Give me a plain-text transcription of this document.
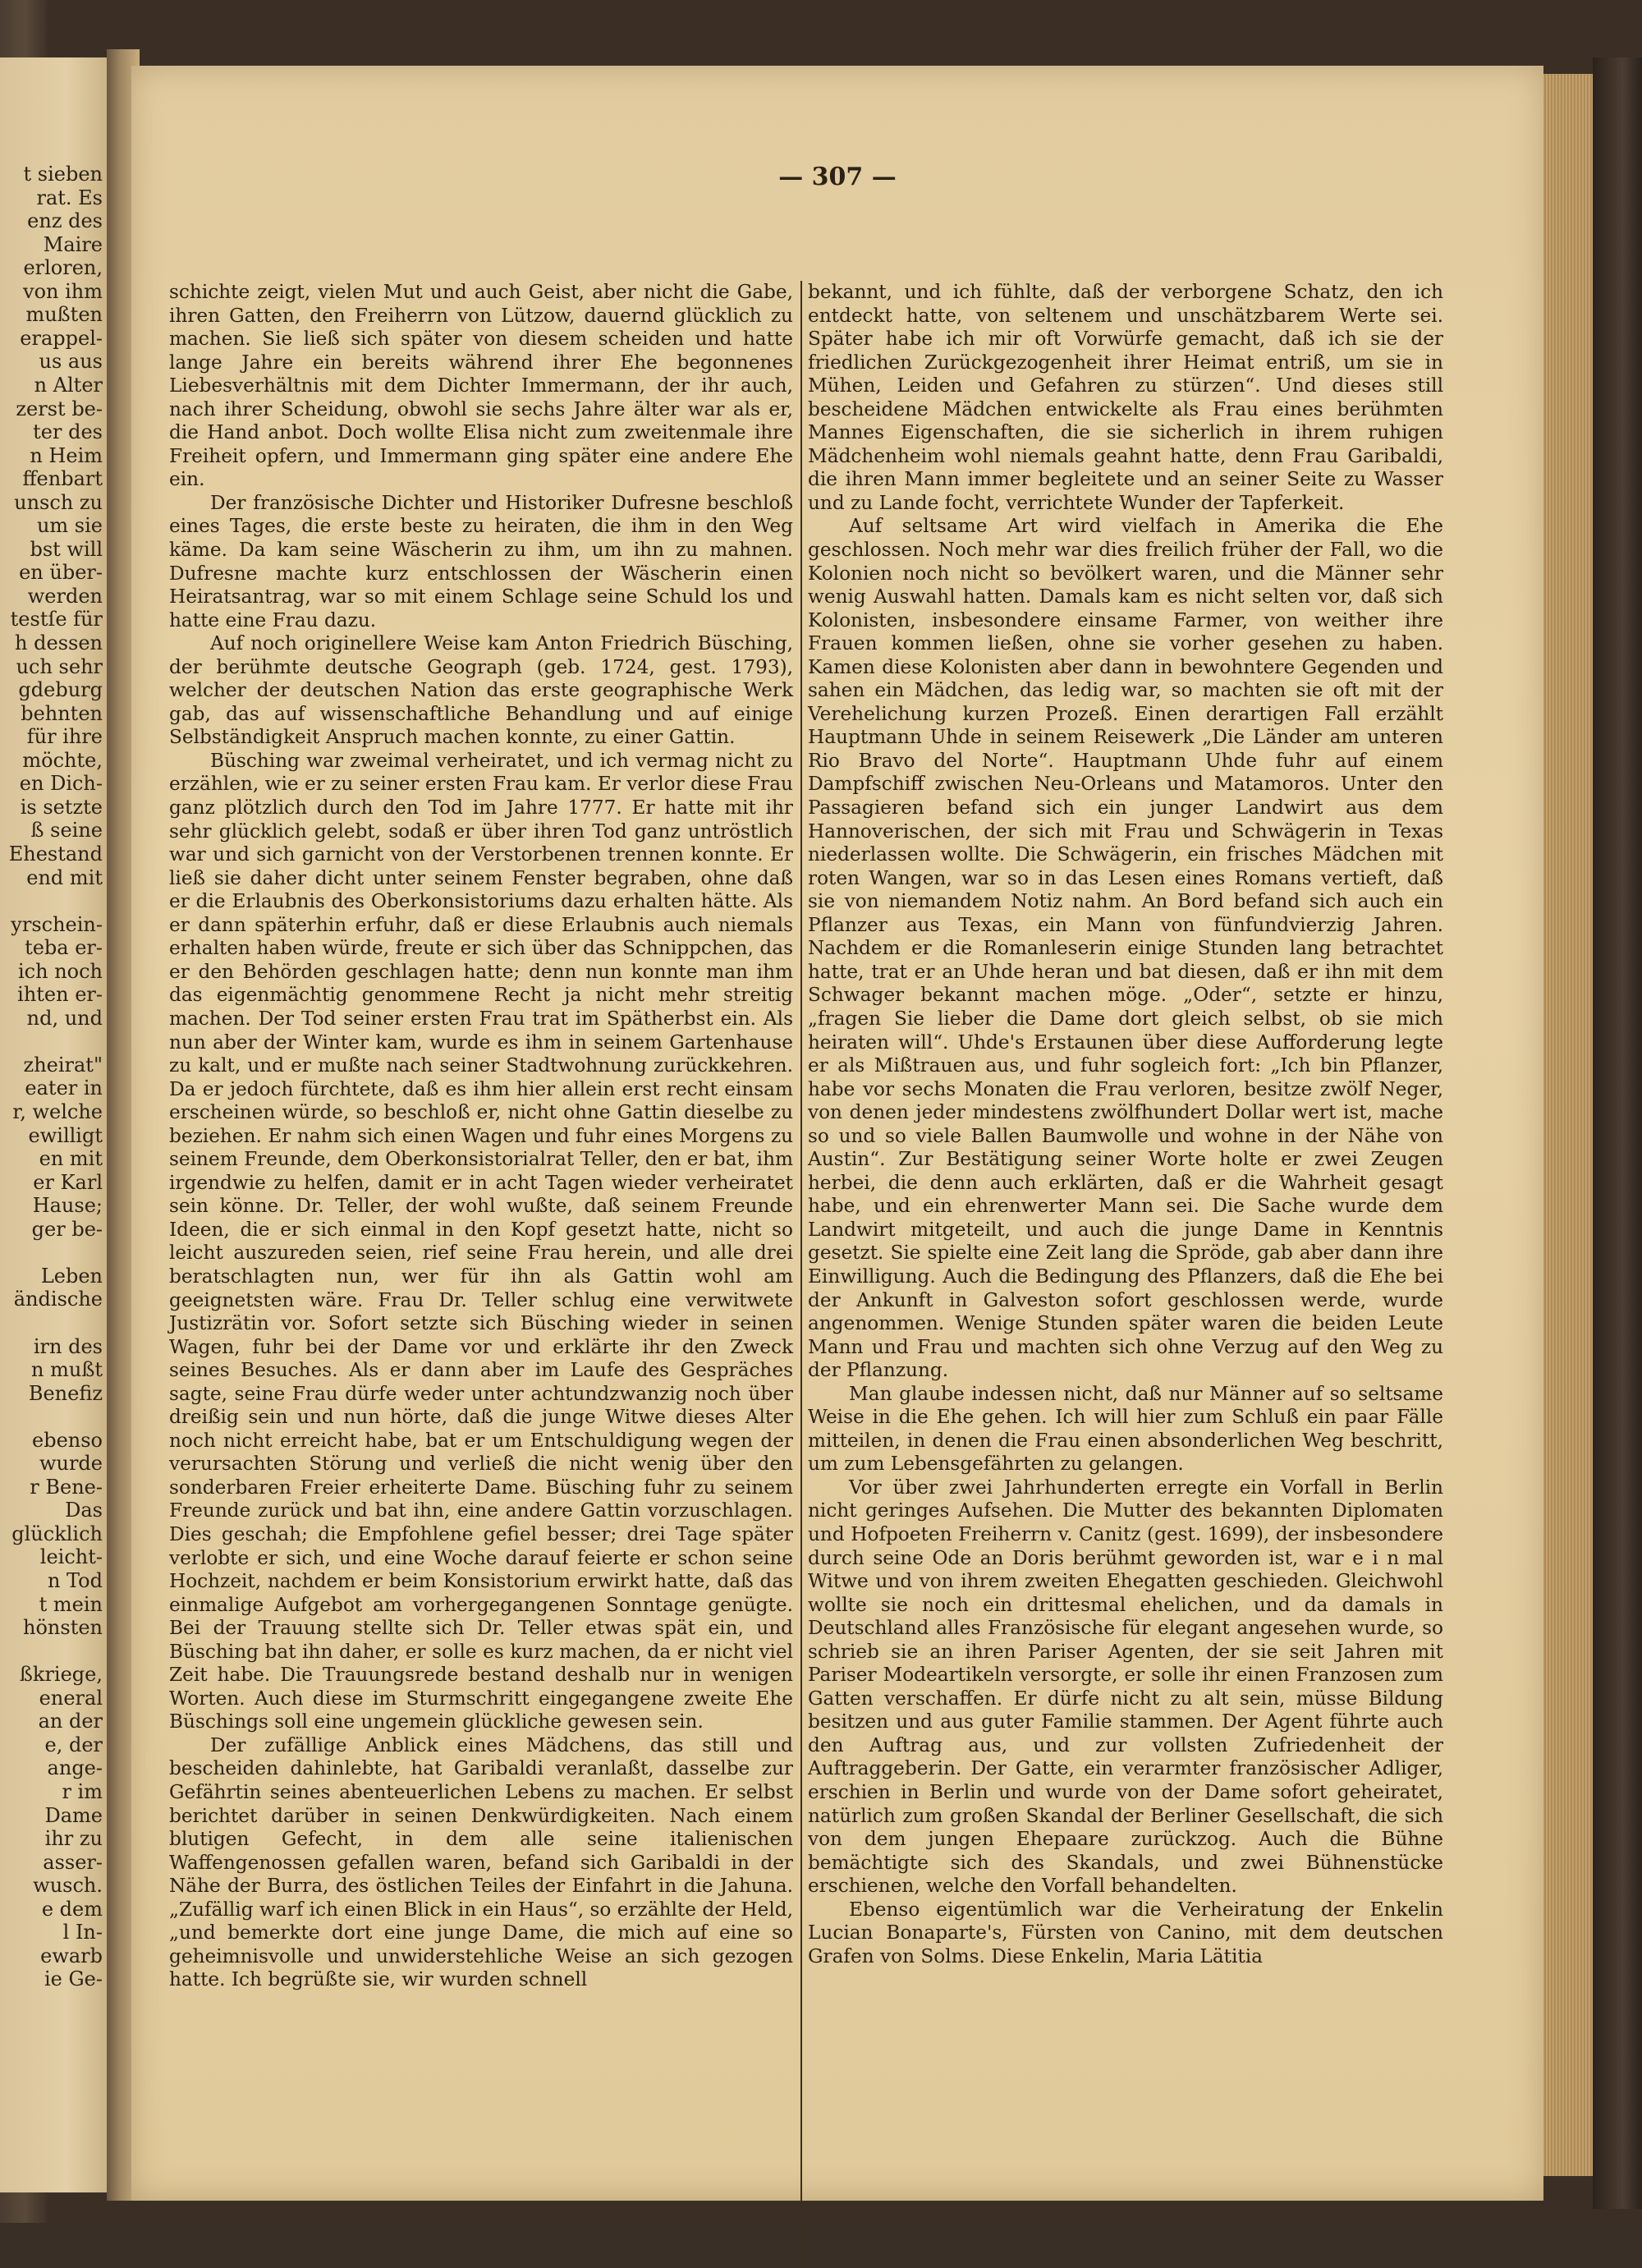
t sieben
rat. Es
enz des
Maire
erloren,
von ihm
mußten
erappel-
us aus
n Alter
zerst be-
ter des
n Heim
ffenbart
unsch zu
um sie
bst will
en über-
werden
testſe für
h dessen
uch sehr
gdeburg
behnten
für ihre
möchte,
en Dich-
is setzte
ß seine
Ehestand
end mit
yrschein-
teba er-
ich noch
ihten er-
nd, und
zheirat"
eater in
r, welche
ewilligt
en mit
er Karl
Hause;
ger be-
Leben
ändische
irn des
n mußt
Benefiz
ebenso
wurde
r Bene-
Das
glücklich
leicht-
n Tod
t mein
hönsten
ßkriege,
eneral
an der
e, der
ange-
r im
Dame
ihr zu
asser-
wusch.
e dem
l In-
ewarb
ie Ge-
— 307 —

schichte zeigt, vielen Mut und auch Geist, aber nicht die Gabe, ihren Gatten, den Freiherrn von Lützow, dauernd glücklich zu machen. Sie ließ sich später von diesem scheiden und hatte lange Jahre ein bereits während ihrer Ehe begonnenes Liebesverhältnis mit dem Dichter Immermann, der ihr auch, nach ihrer Scheidung, obwohl sie sechs Jahre älter war als er, die Hand anbot. Doch wollte Elisa nicht zum zweitenmale ihre Freiheit opfern, und Immermann ging später eine andere Ehe ein.

Der französische Dichter und Historiker Dufresne beschloß eines Tages, die erste beste zu heiraten, die ihm in den Weg käme. Da kam seine Wäscherin zu ihm, um ihn zu mahnen. Dufresne machte kurz entschlossen der Wäscherin einen Heiratsantrag, war so mit einem Schlage seine Schuld los und hatte eine Frau dazu.

Auf noch originellere Weise kam Anton Friedrich Büsching, der berühmte deutsche Geograph (geb. 1724, gest. 1793), welcher der deutschen Nation das erste geographische Werk gab, das auf wissenschaftliche Behandlung und auf einige Selbständigkeit Anspruch machen konnte, zu einer Gattin.

Büsching war zweimal verheiratet, und ich vermag nicht zu erzählen, wie er zu seiner ersten Frau kam. Er verlor diese Frau ganz plötzlich durch den Tod im Jahre 1777. Er hatte mit ihr sehr glücklich gelebt, sodaß er über ihren Tod ganz untröstlich war und sich garnicht von der Verstorbenen trennen konnte. Er ließ sie daher dicht unter seinem Fenster begraben, ohne daß er die Erlaubnis des Oberkonsistoriums dazu erhalten hätte. Als er dann späterhin erfuhr, daß er diese Erlaubnis auch niemals erhalten haben würde, freute er sich über das Schnippchen, das er den Behörden geschlagen hatte; denn nun konnte man ihm das eigenmächtig genommene Recht ja nicht mehr streitig machen. Der Tod seiner ersten Frau trat im Spätherbst ein. Als nun aber der Winter kam, wurde es ihm in seinem Gartenhause zu kalt, und er mußte nach seiner Stadtwohnung zurückkehren. Da er jedoch fürchtete, daß es ihm hier allein erst recht einsam erscheinen würde, so beschloß er, nicht ohne Gattin dieselbe zu beziehen. Er nahm sich einen Wagen und fuhr eines Morgens zu seinem Freunde, dem Oberkonsistorialrat Teller, den er bat, ihm irgendwie zu helfen, damit er in acht Tagen wieder verheiratet sein könne. Dr. Teller, der wohl wußte, daß seinem Freunde Ideen, die er sich einmal in den Kopf gesetzt hatte, nicht so leicht auszureden seien, rief seine Frau herein, und alle drei beratschlagten nun, wer für ihn als Gattin wohl am geeignetsten wäre. Frau Dr. Teller schlug eine verwitwete Justizrätin vor. Sofort setzte sich Büsching wieder in seinen Wagen, fuhr bei der Dame vor und erklärte ihr den Zweck seines Besuches. Als er dann aber im Laufe des Gespräches sagte, seine Frau dürfe weder unter achtundzwanzig noch über dreißig sein und nun hörte, daß die junge Witwe dieses Alter noch nicht erreicht habe, bat er um Entschuldigung wegen der verursachten Störung und verließ die nicht wenig über den sonderbaren Freier erheiterte Dame. Büsching fuhr zu seinem Freunde zurück und bat ihn, eine andere Gattin vorzuschlagen. Dies geschah; die Empfohlene gefiel besser; drei Tage später verlobte er sich, und eine Woche darauf feierte er schon seine Hochzeit, nachdem er beim Konsistorium erwirkt hatte, daß das einmalige Aufgebot am vorhergegangenen Sonntage genügte. Bei der Trauung stellte sich Dr. Teller etwas spät ein, und Büsching bat ihn daher, er solle es kurz machen, da er nicht viel Zeit habe. Die Trauungsrede bestand deshalb nur in wenigen Worten. Auch diese im Sturmschritt eingegangene zweite Ehe Büschings soll eine ungemein glückliche gewesen sein.

Der zufällige Anblick eines Mädchens, das still und bescheiden dahinlebte, hat Garibaldi veranlaßt, dasselbe zur Gefährtin seines abenteuerlichen Lebens zu machen. Er selbst berichtet darüber in seinen Denkwürdigkeiten. Nach einem blutigen Gefecht, in dem alle seine italienischen Waffengenossen gefallen waren, befand sich Garibaldi in der Nähe der Burra, des östlichen Teiles der Einfahrt in die Jahuna. „Zufällig warf ich einen Blick in ein Haus“, so erzählte der Held, „und bemerkte dort eine junge Dame, die mich auf eine so geheimnisvolle und unwiderstehliche Weise an sich gezogen hatte. Ich begrüßte sie, wir wurden schnell

bekannt, und ich fühlte, daß der verborgene Schatz, den ich entdeckt hatte, von seltenem und unschätzbarem Werte sei. Später habe ich mir oft Vorwürfe gemacht, daß ich sie der friedlichen Zurückgezogenheit ihrer Heimat entriß, um sie in Mühen, Leiden und Gefahren zu stürzen“. Und dieses still bescheidene Mädchen entwickelte als Frau eines berühmten Mannes Eigenschaften, die sie sicherlich in ihrem ruhigen Mädchenheim wohl niemals geahnt hatte, denn Frau Garibaldi, die ihren Mann immer begleitete und an seiner Seite zu Wasser und zu Lande focht, verrichtete Wunder der Tapferkeit.

Auf seltsame Art wird vielfach in Amerika die Ehe geschlossen. Noch mehr war dies freilich früher der Fall, wo die Kolonien noch nicht so bevölkert waren, und die Männer sehr wenig Auswahl hatten. Damals kam es nicht selten vor, daß sich Kolonisten, insbesondere einsame Farmer, von weither ihre Frauen kommen ließen, ohne sie vorher gesehen zu haben. Kamen diese Kolonisten aber dann in bewohntere Gegenden und sahen ein Mädchen, das ledig war, so machten sie oft mit der Verehelichung kurzen Prozeß. Einen derartigen Fall erzählt Hauptmann Uhde in seinem Reisewerk „Die Länder am unteren Rio Bravo del Norte“. Hauptmann Uhde fuhr auf einem Dampfschiff zwischen Neu-Orleans und Matamoros. Unter den Passagieren befand sich ein junger Landwirt aus dem Hannoverischen, der sich mit Frau und Schwägerin in Texas niederlassen wollte. Die Schwägerin, ein frisches Mädchen mit roten Wangen, war so in das Lesen eines Romans vertieft, daß sie von niemandem Notiz nahm. An Bord befand sich auch ein Pflanzer aus Texas, ein Mann von fünfundvierzig Jahren. Nachdem er die Romanleserin einige Stunden lang betrachtet hatte, trat er an Uhde heran und bat diesen, daß er ihn mit dem Schwager bekannt machen möge. „Oder“, setzte er hinzu, „fragen Sie lieber die Dame dort gleich selbst, ob sie mich heiraten will“. Uhde's Erstaunen über diese Aufforderung legte er als Mißtrauen aus, und fuhr sogleich fort: „Ich bin Pflanzer, habe vor sechs Monaten die Frau verloren, besitze zwölf Neger, von denen jeder mindestens zwölfhundert Dollar wert ist, mache so und so viele Ballen Baumwolle und wohne in der Nähe von Austin“. Zur Bestätigung seiner Worte holte er zwei Zeugen herbei, die denn auch erklärten, daß er die Wahrheit gesagt habe, und ein ehrenwerter Mann sei. Die Sache wurde dem Landwirt mitgeteilt, und auch die junge Dame in Kenntnis gesetzt. Sie spielte eine Zeit lang die Spröde, gab aber dann ihre Einwilligung. Auch die Bedingung des Pflanzers, daß die Ehe bei der Ankunft in Galveston sofort geschlossen werde, wurde angenommen. Wenige Stunden später waren die beiden Leute Mann und Frau und machten sich ohne Verzug auf den Weg zu der Pflanzung.

Man glaube indessen nicht, daß nur Männer auf so seltsame Weise in die Ehe gehen. Ich will hier zum Schluß ein paar Fälle mitteilen, in denen die Frau einen absonderlichen Weg beschritt, um zum Lebensgefährten zu gelangen.

Vor über zwei Jahrhunderten erregte ein Vorfall in Berlin nicht geringes Aufsehen. Die Mutter des bekannten Diplomaten und Hofpoeten Freiherrn v. Canitz (gest. 1699), der insbesondere durch seine Ode an Doris berühmt geworden ist, war e i n mal Witwe und von ihrem zweiten Ehegatten geschieden. Gleichwohl wollte sie noch ein drittesmal ehelichen, und da damals in Deutschland alles Französische für elegant angesehen wurde, so schrieb sie an ihren Pariser Agenten, der sie seit Jahren mit Pariser Modeartikeln versorgte, er solle ihr einen Franzosen zum Gatten verschaffen. Er dürfe nicht zu alt sein, müsse Bildung besitzen und aus guter Familie stammen. Der Agent führte auch den Auftrag aus, und zur vollsten Zufriedenheit der Auftraggeberin. Der Gatte, ein verarmter französischer Adliger, erschien in Berlin und wurde von der Dame sofort geheiratet, natürlich zum großen Skandal der Berliner Gesellschaft, die sich von dem jungen Ehepaare zurückzog. Auch die Bühne bemächtigte sich des Skandals, und zwei Bühnenstücke erschienen, welche den Vorfall behandelten.

Ebenso eigentümlich war die Verheiratung der Enkelin Lucian Bonaparte's, Fürsten von Canino, mit dem deutschen Grafen von Solms. Diese Enkelin, Maria Lätitia
